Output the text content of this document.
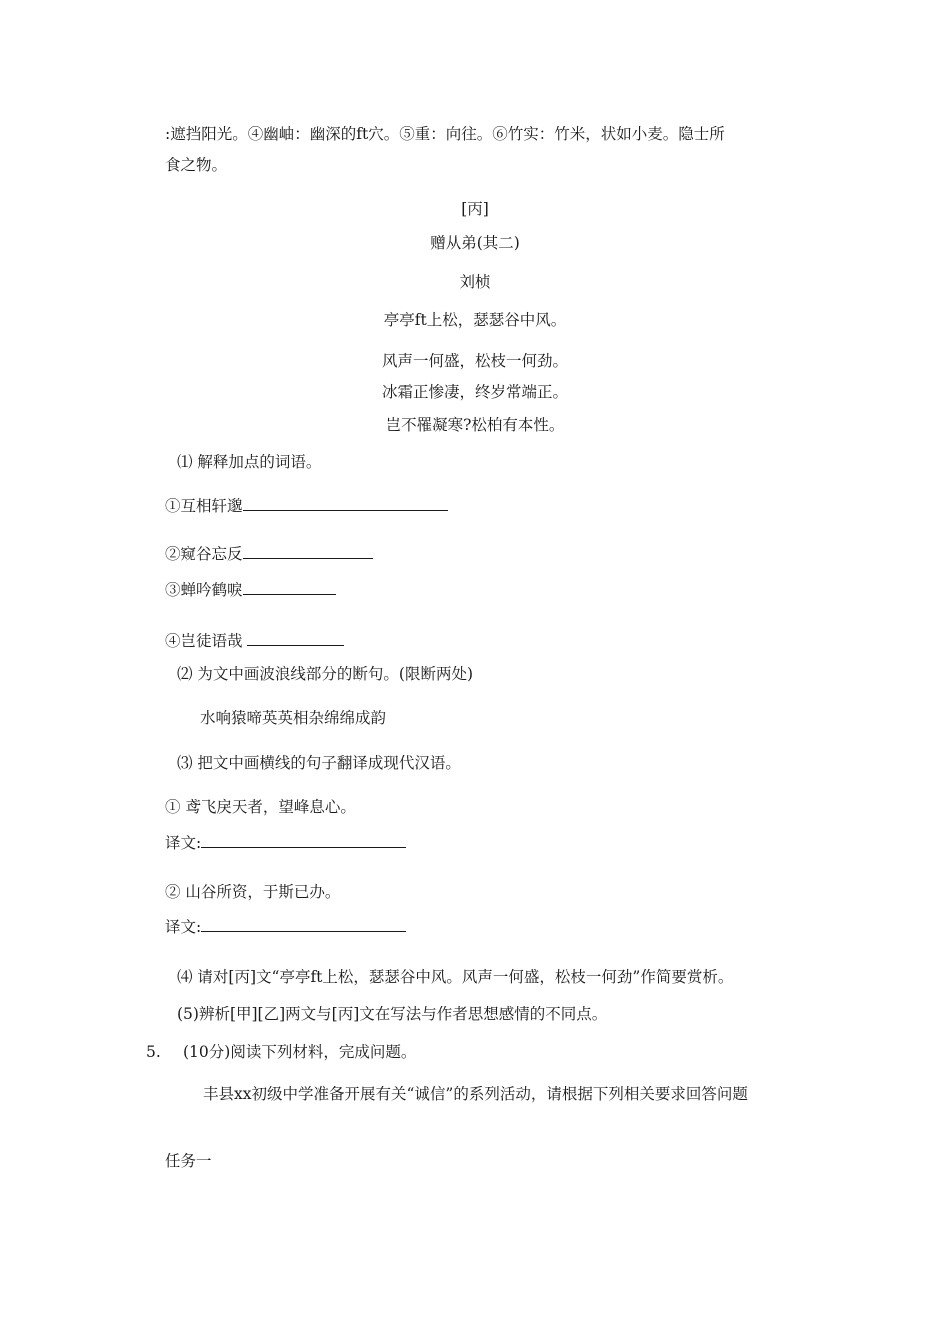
:遮挡阳光。④幽岫：幽深的ft穴。⑤重：向往。⑥竹实：竹米，状如小麦。隐士所
食之物。
[丙]
赠从弟(其二)
刘桢
亭亭ft上松，瑟瑟谷中风。
风声一何盛，松枝一何劲。
冰霜正惨凄，终岁常端正。
岂不罹凝寒?松柏有本性。
⑴ 解释加点的词语。
①互相轩邈
②窥谷忘反
③蝉吟鹤唳
④岂徒语哉
⑵ 为文中画波浪线部分的断句。(限断两处)
水响猿啼英英相杂绵绵成韵
⑶ 把文中画横线的句子翻译成现代汉语。
① 鸢飞戾天者，望峰息心。
译文:
② 山谷所资，于斯已办。
译文:
⑷ 请对[丙]文“亭亭ft上松，瑟瑟谷中风。风声一何盛，松枝一何劲”作简要赏析。
(5)辨析[甲][乙]两文与[丙]文在写法与作者思想感情的不同点。
5. (10分)阅读下列材料，完成问题。
丰县xx初级中学准备开展有关“诚信”的系列活动，请根据下列相关要求回答问题
任务一
